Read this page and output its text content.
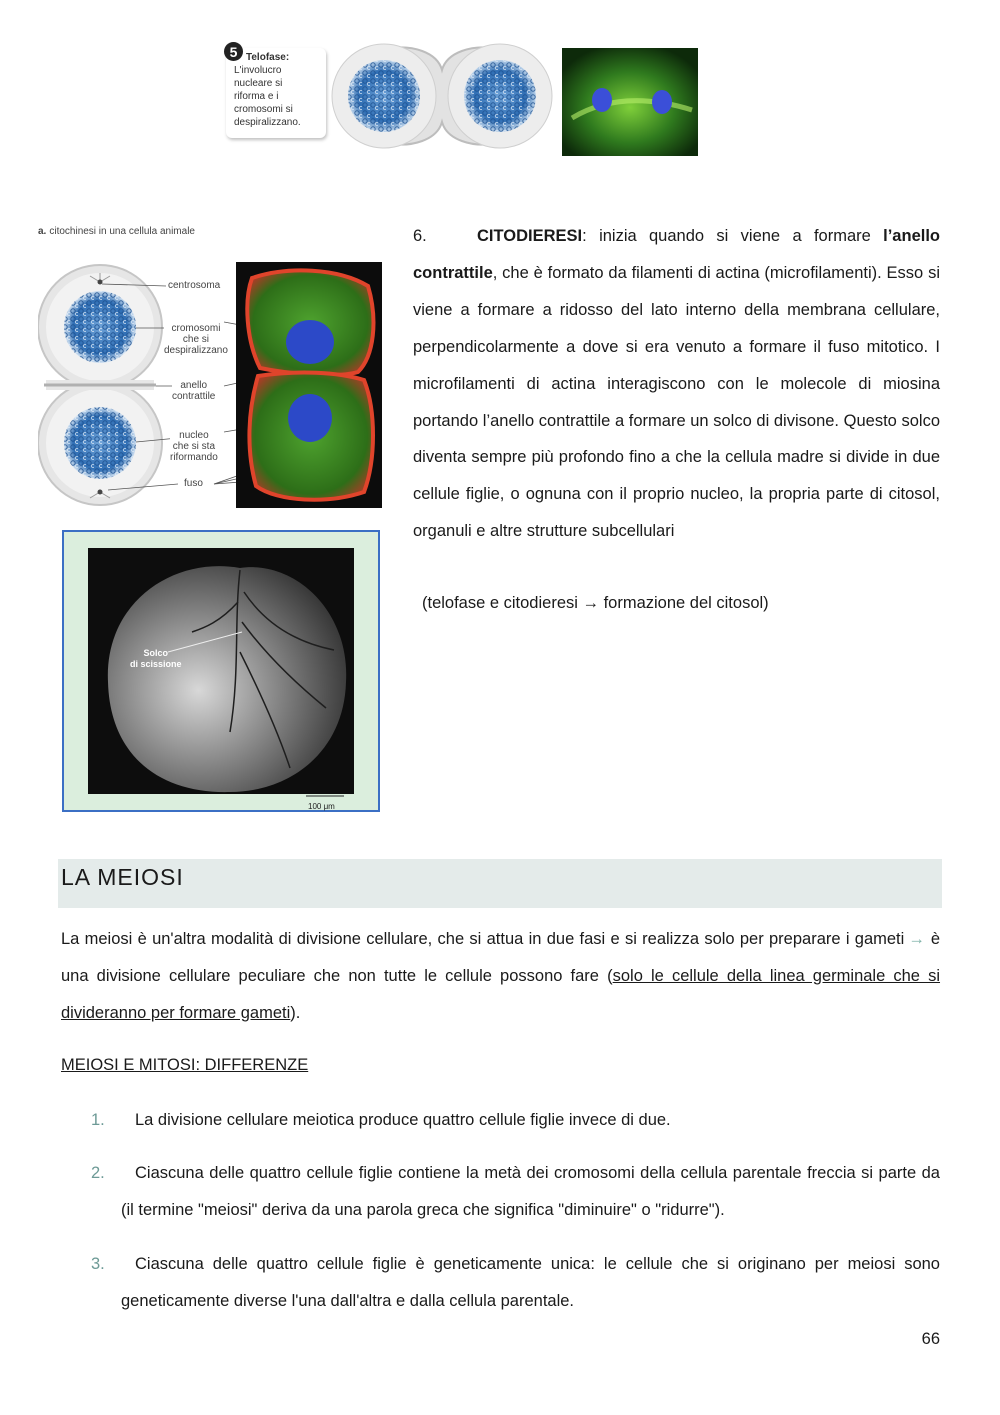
5 Telofase:
L'involucro
nucleare si
riforma e i
cromosomi si
despiralizzano.
a. citochinesi in una cellula animale
centrosoma
cromosomi
che si
despiralizzano
anello
contrattile
nucleo
che si sta
riformando
fuso
Solco
di scissione
100 μm
6.	CITODIERESI: inizia quando si viene a formare l’anello contrattile, che è formato da filamenti di actina (microfilamenti). Esso si viene a formare a ridosso del lato interno della membrana cellulare, perpendicolarmente a dove si era venuto a formare il fuso mitotico. I microfilamenti di actina interagiscono con le molecole di miosina portando l’anello contrattile a formare un solco di divisone. Questo solco diventa sempre più profondo fino a che la cellula madre si divide in due cellule figlie, o ognuna con il proprio nucleo, la propria parte di citosol, organuli e altre strutture subcellulari
(telofase e citodieresi → formazione del citosol)
LA MEIOSI
La meiosi è un'altra modalità di divisione cellulare, che si attua in due fasi e si realizza solo per preparare i gameti → è una divisione cellulare peculiare che non tutte le cellule possono fare (solo le cellule della linea germinale che si divideranno per formare gameti).
MEIOSI E MITOSI: DIFFERENZE
1.	La divisione cellulare meiotica produce quattro cellule figlie invece di due.
2.	Ciascuna delle quattro cellule figlie contiene la metà dei cromosomi della cellula parentale freccia si parte da (il termine "meiosi" deriva da una parola greca che significa "diminuire" o "ridurre").
3.	Ciascuna delle quattro cellule figlie è geneticamente unica: le cellule che si originano per meiosi sono geneticamente diverse l'una dall'altra e dalla cellula parentale.
66
